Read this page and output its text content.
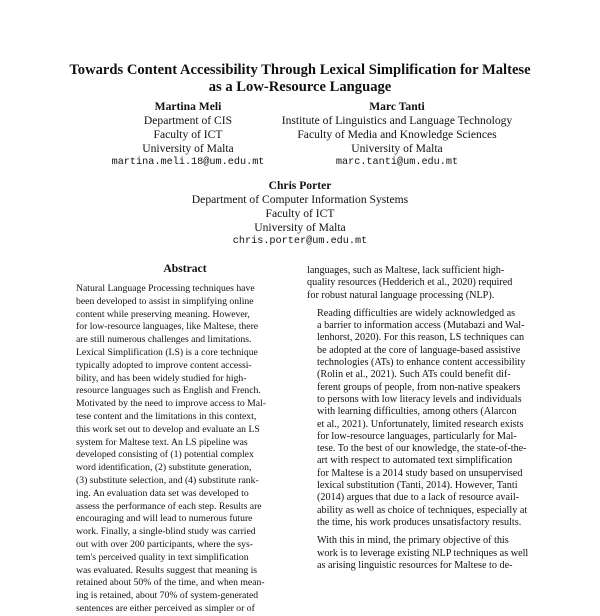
Towards Content Accessibility Through Lexical Simplification for Maltese
as a Low-Resource Language
Martina Meli
Department of CIS
Faculty of ICT
University of Malta
martina.meli.18@um.edu.mt
Marc Tanti
Institute of Linguistics and Language Technology
Faculty of Media and Knowledge Sciences
University of Malta
marc.tanti@um.edu.mt
Chris Porter
Department of Computer Information Systems
Faculty of ICT
University of Malta
chris.porter@um.edu.mt
Abstract
Natural Language Processing techniques have
been developed to assist in simplifying online
content while preserving meaning. However,
for low-resource languages, like Maltese, there
are still numerous challenges and limitations.
Lexical Simplification (LS) is a core technique
typically adopted to improve content accessi-
bility, and has been widely studied for high-
resource languages such as English and French.
Motivated by the need to improve access to Mal-
tese content and the limitations in this context,
this work set out to develop and evaluate an LS
system for Maltese text. An LS pipeline was
developed consisting of (1) potential complex
word identification, (2) substitute generation,
(3) substitute selection, and (4) substitute rank-
ing. An evaluation data set was developed to
assess the performance of each step. Results are
encouraging and will lead to numerous future
work. Finally, a single-blind study was carried
out with over 200 participants, where the sys-
tem's perceived quality in text simplification
was evaluated. Results suggest that meaning is
retained about 50% of the time, and when mean-
ing is retained, about 70% of system-generated
sentences are either perceived as simpler or of

languages, such as Maltese, lack sufficient high-
quality resources (Hedderich et al., 2020) required
for robust natural language processing (NLP).

Reading difficulties are widely acknowledged as
a barrier to information access (Mutabazi and Wal-
lenhorst, 2020). For this reason, LS techniques can
be adopted at the core of language-based assistive
technologies (ATs) to enhance content accessibility
(Rolin et al., 2021). Such ATs could benefit dif-
ferent groups of people, from non-native speakers
to persons with low literacy levels and individuals
with learning difficulties, among others (Alarcon
et al., 2021). Unfortunately, limited research exists
for low-resource languages, particularly for Mal-
tese. To the best of our knowledge, the state-of-the-
art with respect to automated text simplification
for Maltese is a 2014 study based on unsupervised
lexical substitution (Tanti, 2014). However, Tanti
(2014) argues that due to a lack of resource avail-
ability as well as choice of techniques, especially at
the time, his work produces unsatisfactory results.

With this in mind, the primary objective of this
work is to leverage existing NLP techniques as well
as arising linguistic resources for Maltese to de-
